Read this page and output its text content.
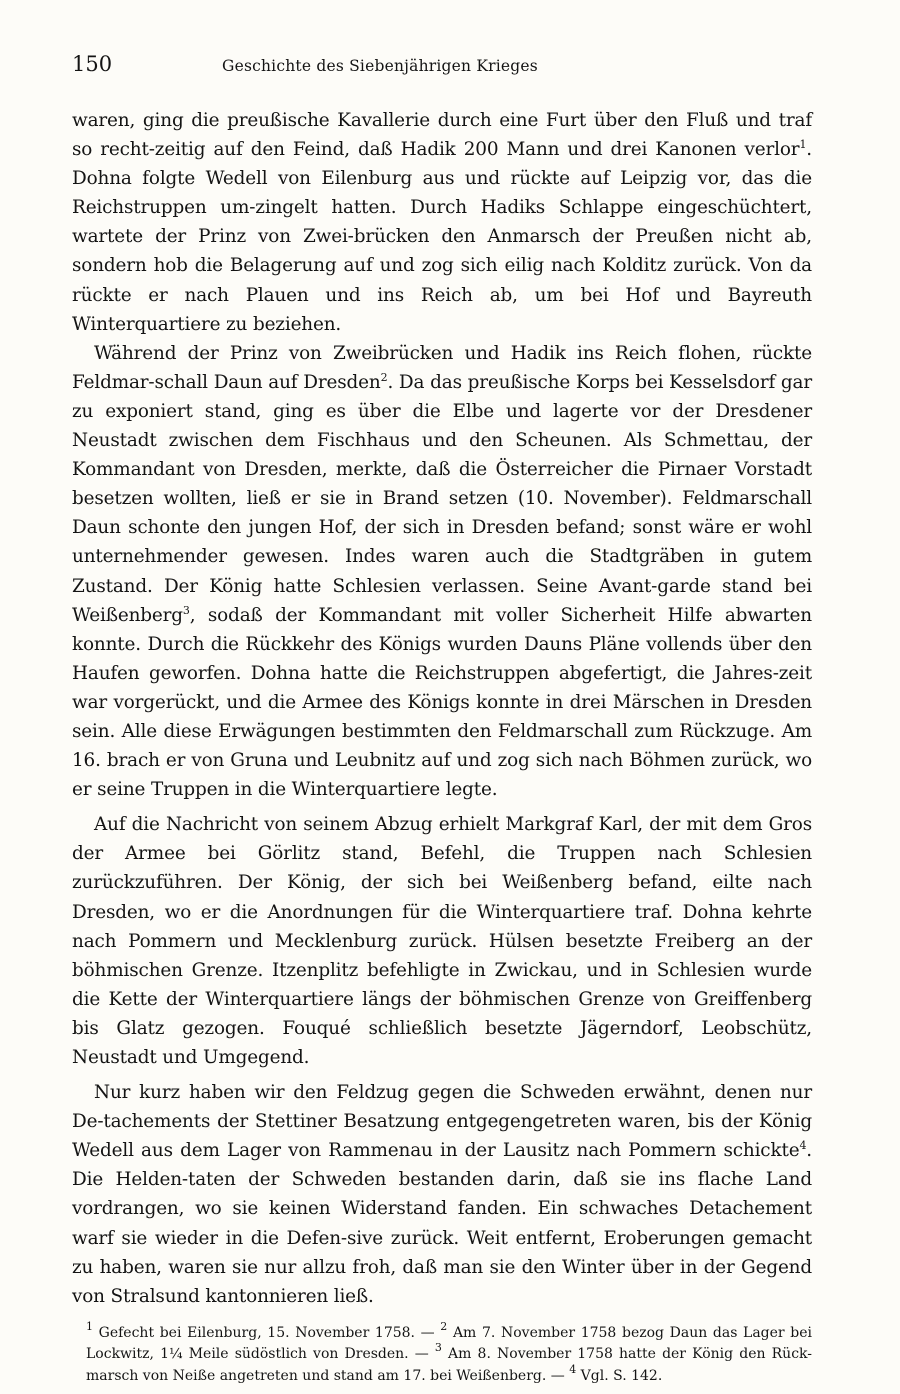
150	Geschichte des Siebenjährigen Krieges

waren, ging die preußische Kavallerie durch eine Furt über den Fluß und traf so recht-zeitig auf den Feind, daß Hadik 200 Mann und drei Kanonen verlor$^1$. Dohna folgte Wedell von Eilenburg aus und rückte auf Leipzig vor, das die Reichstruppen um-zingelt hatten. Durch Hadiks Schlappe eingeschüchtert, wartete der Prinz von Zwei-brücken den Anmarsch der Preußen nicht ab, sondern hob die Belagerung auf und zog sich eilig nach Kolditz zurück. Von da rückte er nach Plauen und ins Reich ab, um bei Hof und Bayreuth Winterquartiere zu beziehen.

Während der Prinz von Zweibrücken und Hadik ins Reich flohen, rückte Feldmar-schall Daun auf Dresden$^2$. Da das preußische Korps bei Kesselsdorf gar zu exponiert stand, ging es über die Elbe und lagerte vor der Dresdener Neustadt zwischen dem Fischhaus und den Scheunen. Als Schmettau, der Kommandant von Dresden, merkte, daß die Österreicher die Pirnaer Vorstadt besetzen wollten, ließ er sie in Brand setzen (10. November). Feldmarschall Daun schonte den jungen Hof, der sich in Dresden befand; sonst wäre er wohl unternehmender gewesen. Indes waren auch die Stadtgräben in gutem Zustand. Der König hatte Schlesien verlassen. Seine Avant-garde stand bei Weißenberg$^3$, sodaß der Kommandant mit voller Sicherheit Hilfe abwarten konnte. Durch die Rückkehr des Königs wurden Dauns Pläne vollends über den Haufen geworfen. Dohna hatte die Reichstruppen abgefertigt, die Jahres-zeit war vorgerückt, und die Armee des Königs konnte in drei Märschen in Dresden sein. Alle diese Erwägungen bestimmten den Feldmarschall zum Rückzuge. Am 16. brach er von Gruna und Leubnitz auf und zog sich nach Böhmen zurück, wo er seine Truppen in die Winterquartiere legte.

Auf die Nachricht von seinem Abzug erhielt Markgraf Karl, der mit dem Gros der Armee bei Görlitz stand, Befehl, die Truppen nach Schlesien zurückzuführen. Der König, der sich bei Weißenberg befand, eilte nach Dresden, wo er die Anordnungen für die Winterquartiere traf. Dohna kehrte nach Pommern und Mecklenburg zurück. Hülsen besetzte Freiberg an der böhmischen Grenze. Itzenplitz befehligte in Zwickau, und in Schlesien wurde die Kette der Winterquartiere längs der böhmischen Grenze von Greiffenberg bis Glatz gezogen. Fouqué schließlich besetzte Jägerndorf, Leobschütz, Neustadt und Umgegend.

Nur kurz haben wir den Feldzug gegen die Schweden erwähnt, denen nur De-tachements der Stettiner Besatzung entgegengetreten waren, bis der König Wedell aus dem Lager von Rammenau in der Lausitz nach Pommern schickte$^4$. Die Helden-taten der Schweden bestanden darin, daß sie ins flache Land vordrangen, wo sie keinen Widerstand fanden. Ein schwaches Detachement warf sie wieder in die Defen-sive zurück. Weit entfernt, Eroberungen gemacht zu haben, waren sie nur allzu froh, daß man sie den Winter über in der Gegend von Stralsund kantonnieren ließ.

$^1$ Gefecht bei Eilenburg, 15. November 1758. — $^2$ Am 7. November 1758 bezog Daun das Lager bei Lockwitz, 1¼ Meile südöstlich von Dresden. — $^3$ Am 8. November 1758 hatte der König den Rück-marsch von Neiße angetreten und stand am 17. bei Weißenberg. — $^4$ Vgl. S. 142.
